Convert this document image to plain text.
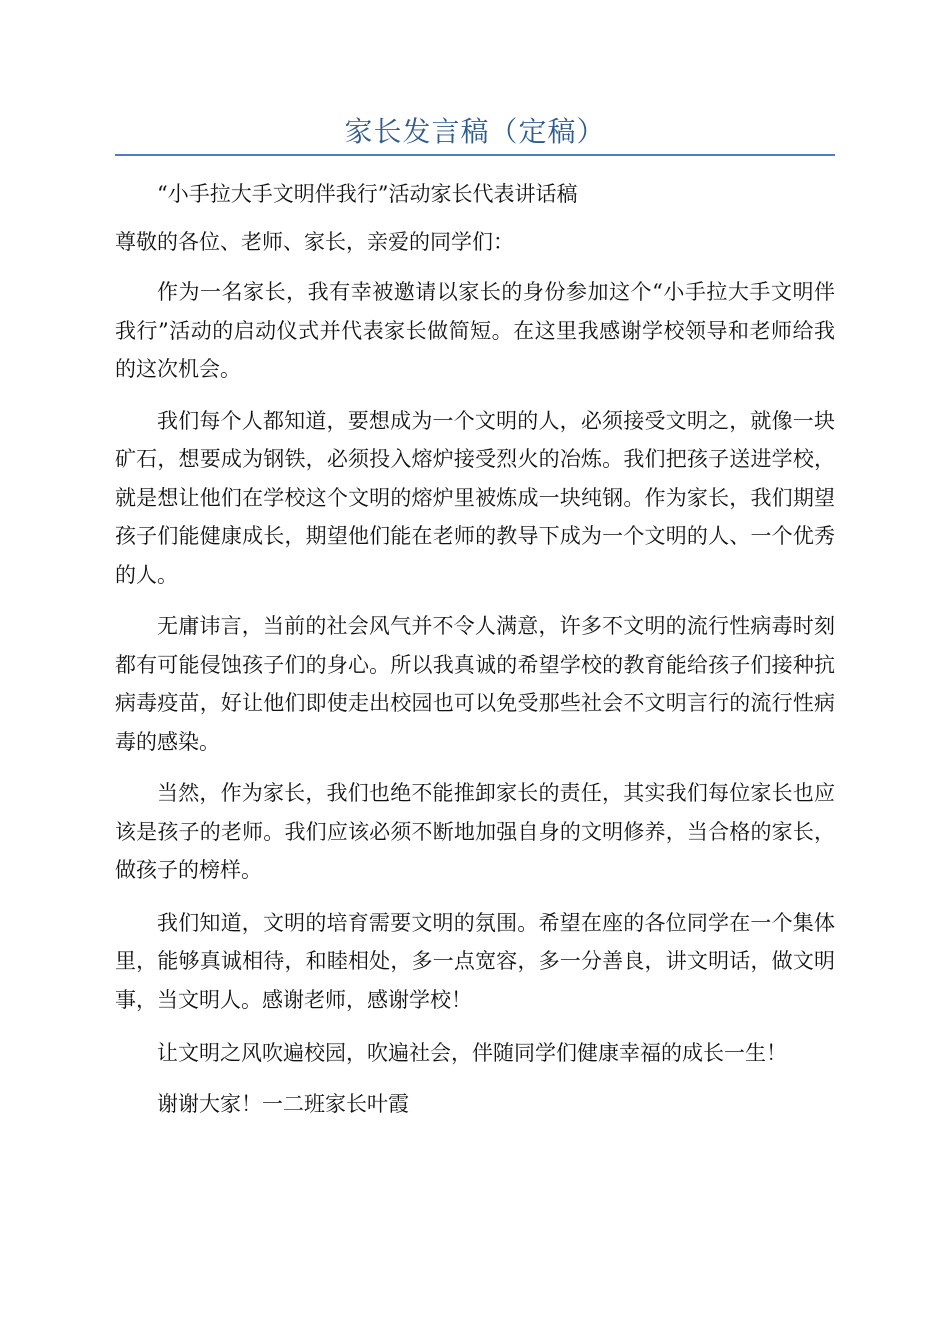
家长发言稿（定稿）

“小手拉大手文明伴我行”活动家长代表讲话稿

尊敬的各位、老师、家长，亲爱的同学们：

作为一名家长，我有幸被邀请以家长的身份参加这个“小手拉大手文明伴我行”活动的启动仪式并代表家长做简短。在这里我感谢学校领导和老师给我的这次机会。

我们每个人都知道，要想成为一个文明的人，必须接受文明之，就像一块矿石，想要成为钢铁，必须投入熔炉接受烈火的冶炼。我们把孩子送进学校，就是想让他们在学校这个文明的熔炉里被炼成一块纯钢。作为家长，我们期望孩子们能健康成长，期望他们能在老师的教导下成为一个文明的人、一个优秀的人。

无庸讳言，当前的社会风气并不令人满意，许多不文明的流行性病毒时刻都有可能侵蚀孩子们的身心。所以我真诚的希望学校的教育能给孩子们接种抗病毒疫苗，好让他们即使走出校园也可以免受那些社会不文明言行的流行性病毒的感染。

当然，作为家长，我们也绝不能推卸家长的责任，其实我们每位家长也应该是孩子的老师。我们应该必须不断地加强自身的文明修养，当合格的家长，做孩子的榜样。

我们知道，文明的培育需要文明的氛围。希望在座的各位同学在一个集体里，能够真诚相待，和睦相处，多一点宽容，多一分善良，讲文明话，做文明事，当文明人。感谢老师，感谢学校！

让文明之风吹遍校园，吹遍社会，伴随同学们健康幸福的成长一生！

谢谢大家！一二班家长叶霞
